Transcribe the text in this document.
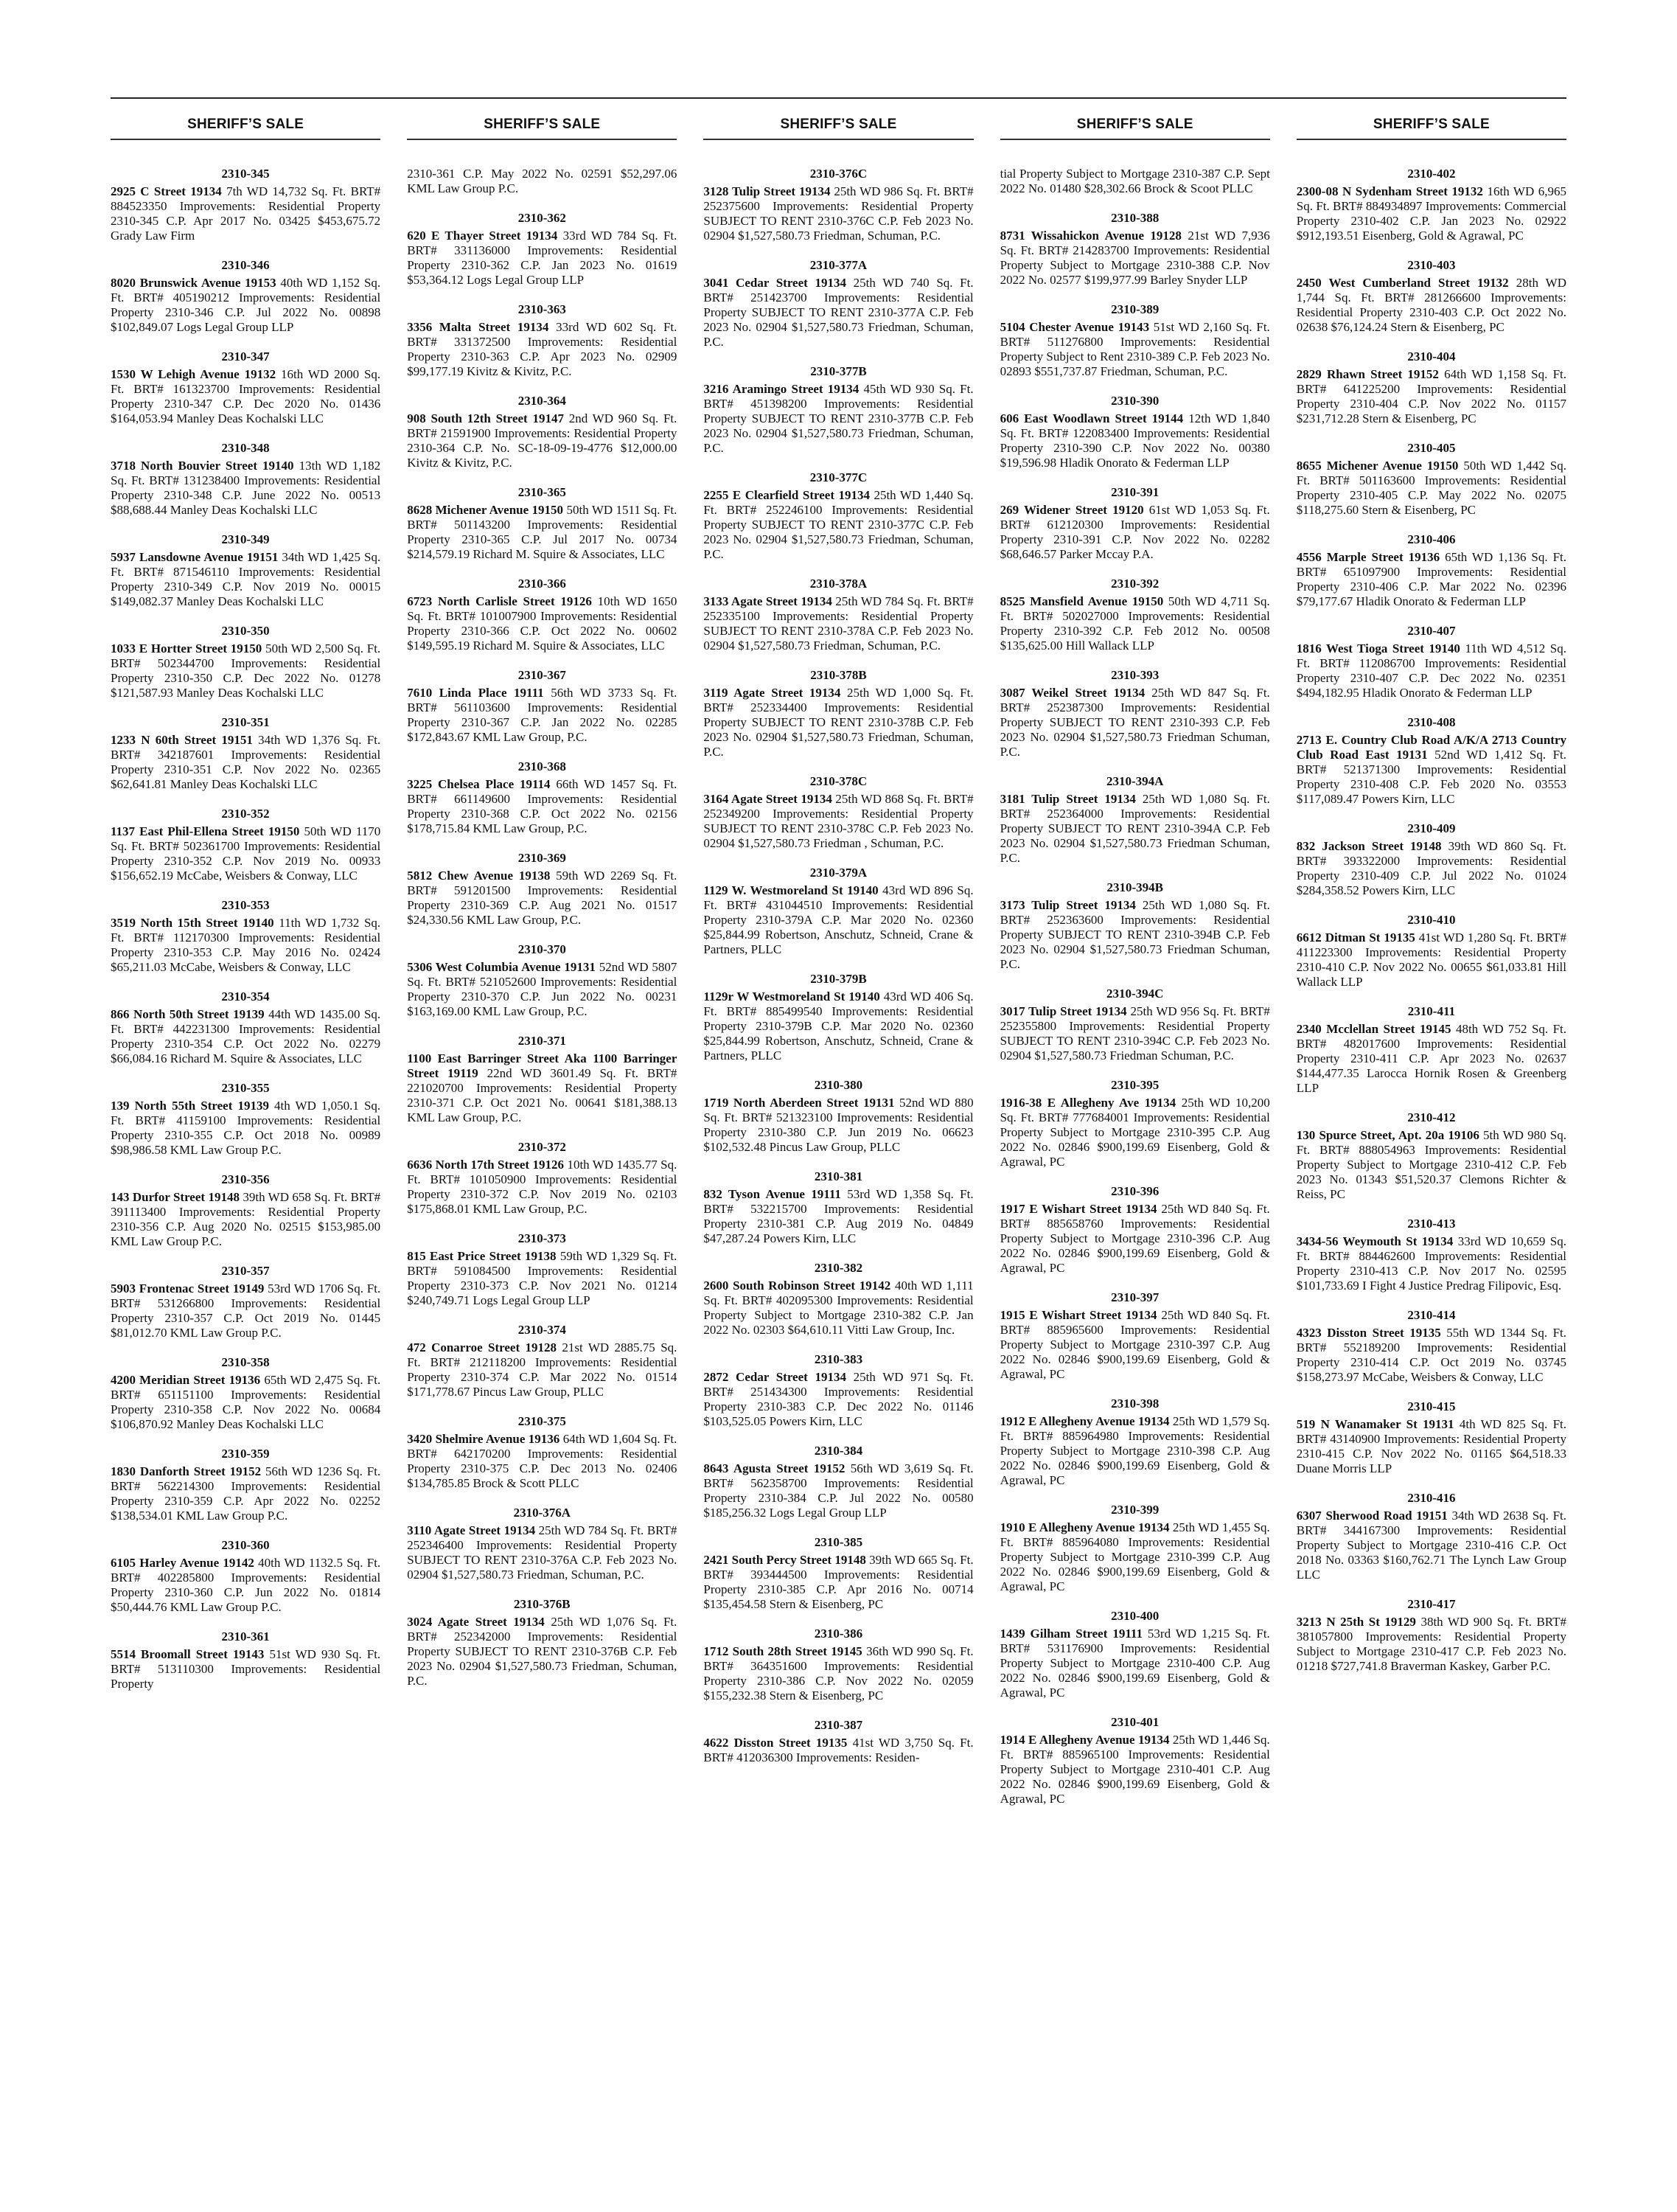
SHERIFF’S SALE
2310-345
2925 C Street 19134 7th WD 14,732 Sq. Ft. BRT# 884523350 Improvements: Residential Property 2310-345 C.P. Apr 2017 No. 03425 $453,675.72 Grady Law Firm
2310-346
8020 Brunswick Avenue 19153 40th WD 1,152 Sq. Ft. BRT# 405190212 Improvements: Residential Property 2310-346 C.P. Jul 2022 No. 00898 $102,849.07 Logs Legal Group LLP
2310-347
1530 W Lehigh Avenue 19132 16th WD 2000 Sq. Ft. BRT# 161323700 Improvements: Residential Property 2310-347 C.P. Dec 2020 No. 01436 $164,053.94 Manley Deas Kochalski LLC
2310-348
3718 North Bouvier Street 19140 13th WD 1,182 Sq. Ft. BRT# 131238400 Improvements: Residential Property 2310-348 C.P. June 2022 No. 00513 $88,688.44 Manley Deas Kochalski LLC
2310-349
5937 Lansdowne Avenue 19151 34th WD 1,425 Sq. Ft. BRT# 871546110 Improvements: Residential Property 2310-349 C.P. Nov 2019 No. 00015 $149,082.37 Manley Deas Kochalski LLC
2310-350
1033 E Hortter Street 19150 50th WD 2,500 Sq. Ft. BRT# 502344700 Improvements: Residential Property 2310-350 C.P. Dec 2022 No. 01278 $121,587.93 Manley Deas Kochalski LLC
2310-351
1233 N 60th Street 19151 34th WD 1,376 Sq. Ft. BRT# 342187601 Improvements: Residential Property 2310-351 C.P. Nov 2022 No. 02365 $62,641.81 Manley Deas Kochalski LLC
2310-352
1137 East Phil-Ellena Street 19150 50th WD 1170 Sq. Ft. BRT# 502361700 Improvements: Residential Property 2310-352 C.P. Nov 2019 No. 00933 $156,652.19 McCabe, Weisbers & Conway, LLC
2310-353
3519 North 15th Street 19140 11th WD 1,732 Sq. Ft. BRT# 112170300 Improvements: Residential Property 2310-353 C.P. May 2016 No. 02424 $65,211.03 McCabe, Weisbers & Conway, LLC
2310-354
866 North 50th Street 19139 44th WD 1435.00 Sq. Ft. BRT# 442231300 Improvements: Residential Property 2310-354 C.P. Oct 2022 No. 02279 $66,084.16 Richard M. Squire & Associates, LLC
2310-355
139 North 55th Street 19139 4th WD 1,050.1 Sq. Ft. BRT# 41159100 Improvements: Residential Property 2310-355 C.P. Oct 2018 No. 00989 $98,986.58 KML Law Group P.C.
2310-356
143 Durfor Street 19148 39th WD 658 Sq. Ft. BRT# 391113400 Improvements: Residential Property 2310-356 C.P. Aug 2020 No. 02515 $153,985.00 KML Law Group P.C.
2310-357
5903 Frontenac Street 19149 53rd WD 1706 Sq. Ft. BRT# 531266800 Improvements: Residential Property 2310-357 C.P. Oct 2019 No. 01445 $81,012.70 KML Law Group P.C.
2310-358
4200 Meridian Street 19136 65th WD 2,475 Sq. Ft. BRT# 651151100 Improvements: Residential Property 2310-358 C.P. Nov 2022 No. 00684 $106,870.92 Manley Deas Kochalski LLC
2310-359
1830 Danforth Street 19152 56th WD 1236 Sq. Ft. BRT# 562214300 Improvements: Residential Property 2310-359 C.P. Apr 2022 No. 02252 $138,534.01 KML Law Group P.C.
2310-360
6105 Harley Avenue 19142 40th WD 1132.5 Sq. Ft. BRT# 402285800 Improvements: Residential Property 2310-360 C.P. Jun 2022 No. 01814 $50,444.76 KML Law Group P.C.
2310-361
5514 Broomall Street 19143 51st WD 930 Sq. Ft. BRT# 513110300 Improvements: Residential Property
SHERIFF’S SALE
2310-361 C.P. May 2022 No. 02591 $52,297.06 KML Law Group P.C.
2310-362
620 E Thayer Street 19134 33rd WD 784 Sq. Ft. BRT# 331136000 Improvements: Residential Property 2310-362 C.P. Jan 2023 No. 01619 $53,364.12 Logs Legal Group LLP
2310-363
3356 Malta Street 19134 33rd WD 602 Sq. Ft. BRT# 331372500 Improvements: Residential Property 2310-363 C.P. Apr 2023 No. 02909 $99,177.19 Kivitz & Kivitz, P.C.
2310-364
908 South 12th Street 19147 2nd WD 960 Sq. Ft. BRT# 21591900 Improvements: Residential Property 2310-364 C.P. No. SC-18-09-19-4776 $12,000.00 Kivitz & Kivitz, P.C.
2310-365
8628 Michener Avenue 19150 50th WD 1511 Sq. Ft. BRT# 501143200 Improvements: Residential Property 2310-365 C.P. Jul 2017 No. 00734 $214,579.19 Richard M. Squire & Associates, LLC
2310-366
6723 North Carlisle Street 19126 10th WD 1650 Sq. Ft. BRT# 101007900 Improvements: Residential Property 2310-366 C.P. Oct 2022 No. 00602 $149,595.19 Richard M. Squire & Associates, LLC
2310-367
7610 Linda Place 19111 56th WD 3733 Sq. Ft. BRT# 561103600 Improvements: Residential Property 2310-367 C.P. Jan 2022 No. 02285 $172,843.67 KML Law Group, P.C.
2310-368
3225 Chelsea Place 19114 66th WD 1457 Sq. Ft. BRT# 661149600 Improvements: Residential Property 2310-368 C.P. Oct 2022 No. 02156 $178,715.84 KML Law Group, P.C.
2310-369
5812 Chew Avenue 19138 59th WD 2269 Sq. Ft. BRT# 591201500 Improvements: Residential Property 2310-369 C.P. Aug 2021 No. 01517 $24,330.56 KML Law Group, P.C.
2310-370
5306 West Columbia Avenue 19131 52nd WD 5807 Sq. Ft. BRT# 521052600 Improvements: Residential Property 2310-370 C.P. Jun 2022 No. 00231 $163,169.00 KML Law Group, P.C.
2310-371
1100 East Barringer Street Aka 1100 Barringer Street 19119 22nd WD 3601.49 Sq. Ft. BRT# 221020700 Improvements: Residential Property 2310-371 C.P. Oct 2021 No. 00641 $181,388.13 KML Law Group, P.C.
2310-372
6636 North 17th Street 19126 10th WD 1435.77 Sq. Ft. BRT# 101050900 Improvements: Residential Property 2310-372 C.P. Nov 2019 No. 02103 $175,868.01 KML Law Group, P.C.
2310-373
815 East Price Street 19138 59th WD 1,329 Sq. Ft. BRT# 591084500 Improvements: Residential Property 2310-373 C.P. Nov 2021 No. 01214 $240,749.71 Logs Legal Group LLP
2310-374
472 Conarroe Street 19128 21st WD 2885.75 Sq. Ft. BRT# 212118200 Improvements: Residential Property 2310-374 C.P. Mar 2022 No. 01514 $171,778.67 Pincus Law Group, PLLC
2310-375
3420 Shelmire Avenue 19136 64th WD 1,604 Sq. Ft. BRT# 642170200 Improvements: Residential Property 2310-375 C.P. Dec 2013 No. 02406 $134,785.85 Brock & Scott PLLC
2310-376A
3110 Agate Street 19134 25th WD 784 Sq. Ft. BRT# 252346400 Improvements: Residential Property SUBJECT TO RENT 2310-376A C.P. Feb 2023 No. 02904 $1,527,580.73 Friedman, Schuman, P.C.
2310-376B
3024 Agate Street 19134 25th WD 1,076 Sq. Ft. BRT# 252342000 Improvements: Residential Property SUBJECT TO RENT 2310-376B C.P. Feb 2023 No. 02904 $1,527,580.73 Friedman, Schuman, P.C.
SHERIFF’S SALE
2310-376C
3128 Tulip Street 19134 25th WD 986 Sq. Ft. BRT# 252375600 Improvements: Residential Property SUBJECT TO RENT 2310-376C C.P. Feb 2023 No. 02904 $1,527,580.73 Friedman, Schuman, P.C.
2310-377A
3041 Cedar Street 19134 25th WD 740 Sq. Ft. BRT# 251423700 Improvements: Residential Property SUBJECT TO RENT 2310-377A C.P. Feb 2023 No. 02904 $1,527,580.73 Friedman, Schuman, P.C.
2310-377B
3216 Aramingo Street 19134 45th WD 930 Sq. Ft. BRT# 451398200 Improvements: Residential Property SUBJECT TO RENT 2310-377B C.P. Feb 2023 No. 02904 $1,527,580.73 Friedman, Schuman, P.C.
2310-377C
2255 E Clearfield Street 19134 25th WD 1,440 Sq. Ft. BRT# 252246100 Improvements: Residential Property SUBJECT TO RENT 2310-377C C.P. Feb 2023 No. 02904 $1,527,580.73 Friedman, Schuman, P.C.
2310-378A
3133 Agate Street 19134 25th WD 784 Sq. Ft. BRT# 252335100 Improvements: Residential Property SUBJECT TO RENT 2310-378A C.P. Feb 2023 No. 02904 $1,527,580.73 Friedman, Schuman, P.C.
2310-378B
3119 Agate Street 19134 25th WD 1,000 Sq. Ft. BRT# 252334400 Improvements: Residential Property SUBJECT TO RENT 2310-378B C.P. Feb 2023 No. 02904 $1,527,580.73 Friedman, Schuman, P.C.
2310-378C
3164 Agate Street 19134 25th WD 868 Sq. Ft. BRT# 252349200 Improvements: Residential Property SUBJECT TO RENT 2310-378C C.P. Feb 2023 No. 02904 $1,527,580.73 Friedman , Schuman, P.C.
2310-379A
1129 W. Westmoreland St 19140 43rd WD 896 Sq. Ft. BRT# 431044510 Improvements: Residential Property 2310-379A C.P. Mar 2020 No. 02360 $25,844.99 Robertson, Anschutz, Schneid, Crane & Partners, PLLC
2310-379B
1129r W Westmoreland St 19140 43rd WD 406 Sq. Ft. BRT# 885499540 Improvements: Residential Property 2310-379B C.P. Mar 2020 No. 02360 $25,844.99 Robertson, Anschutz, Schneid, Crane & Partners, PLLC
2310-380
1719 North Aberdeen Street 19131 52nd WD 880 Sq. Ft. BRT# 521323100 Improvements: Residential Property 2310-380 C.P. Jun 2019 No. 06623 $102,532.48 Pincus Law Group, PLLC
2310-381
832 Tyson Avenue 19111 53rd WD 1,358 Sq. Ft. BRT# 532215700 Improvements: Residential Property 2310-381 C.P. Aug 2019 No. 04849 $47,287.24 Powers Kirn, LLC
2310-382
2600 South Robinson Street 19142 40th WD 1,111 Sq. Ft. BRT# 402095300 Improvements: Residential Property Subject to Mortgage 2310-382 C.P. Jan 2022 No. 02303 $64,610.11 Vitti Law Group, Inc.
2310-383
2872 Cedar Street 19134 25th WD 971 Sq. Ft. BRT# 251434300 Improvements: Residential Property 2310-383 C.P. Dec 2022 No. 01146 $103,525.05 Powers Kirn, LLC
2310-384
8643 Agusta Street 19152 56th WD 3,619 Sq. Ft. BRT# 562358700 Improvements: Residential Property 2310-384 C.P. Jul 2022 No. 00580 $185,256.32 Logs Legal Group LLP
2310-385
2421 South Percy Street 19148 39th WD 665 Sq. Ft. BRT# 393444500 Improvements: Residential Property 2310-385 C.P. Apr 2016 No. 00714 $135,454.58 Stern & Eisenberg, PC
2310-386
1712 South 28th Street 19145 36th WD 990 Sq. Ft. BRT# 364351600 Improvements: Residential Property 2310-386 C.P. Nov 2022 No. 02059 $155,232.38 Stern & Eisenberg, PC
2310-387
4622 Disston Street 19135 41st WD 3,750 Sq. Ft. BRT# 412036300 Improvements: Residen-
SHERIFF’S SALE
tial Property Subject to Mortgage 2310-387 C.P. Sept 2022 No. 01480 $28,302.66 Brock & Scoot PLLC
2310-388
8731 Wissahickon Avenue 19128 21st WD 7,936 Sq. Ft. BRT# 214283700 Improvements: Residential Property Subject to Mortgage 2310-388 C.P. Nov 2022 No. 02577 $199,977.99 Barley Snyder LLP
2310-389
5104 Chester Avenue 19143 51st WD 2,160 Sq. Ft. BRT# 511276800 Improvements: Residential Property Subject to Rent 2310-389 C.P. Feb 2023 No. 02893 $551,737.87 Friedman, Schuman, P.C.
2310-390
606 East Woodlawn Street 19144 12th WD 1,840 Sq. Ft. BRT# 122083400 Improvements: Residential Property 2310-390 C.P. Nov 2022 No. 00380 $19,596.98 Hladik Onorato & Federman LLP
2310-391
269 Widener Street 19120 61st WD 1,053 Sq. Ft. BRT# 612120300 Improvements: Residential Property 2310-391 C.P. Nov 2022 No. 02282 $68,646.57 Parker Mccay P.A.
2310-392
8525 Mansfield Avenue 19150 50th WD 4,711 Sq. Ft. BRT# 502027000 Improvements: Residential Property 2310-392 C.P. Feb 2012 No. 00508 $135,625.00 Hill Wallack LLP
2310-393
3087 Weikel Street 19134 25th WD 847 Sq. Ft. BRT# 252387300 Improvements: Residential Property SUBJECT TO RENT 2310-393 C.P. Feb 2023 No. 02904 $1,527,580.73 Friedman Schuman, P.C.
2310-394A
3181 Tulip Street 19134 25th WD 1,080 Sq. Ft. BRT# 252364000 Improvements: Residential Property SUBJECT TO RENT 2310-394A C.P. Feb 2023 No. 02904 $1,527,580.73 Friedman Schuman, P.C.
2310-394B
3173 Tulip Street 19134 25th WD 1,080 Sq. Ft. BRT# 252363600 Improvements: Residential Property SUBJECT TO RENT 2310-394B C.P. Feb 2023 No. 02904 $1,527,580.73 Friedman Schuman, P.C.
2310-394C
3017 Tulip Street 19134 25th WD 956 Sq. Ft. BRT# 252355800 Improvements: Residential Property SUBJECT TO RENT 2310-394C C.P. Feb 2023 No. 02904 $1,527,580.73 Friedman Schuman, P.C.
2310-395
1916-38 E Allegheny Ave 19134 25th WD 10,200 Sq. Ft. BRT# 777684001 Improvements: Residential Property Subject to Mortgage 2310-395 C.P. Aug 2022 No. 02846 $900,199.69 Eisenberg, Gold & Agrawal, PC
2310-396
1917 E Wishart Street 19134 25th WD 840 Sq. Ft. BRT# 885658760 Improvements: Residential Property Subject to Mortgage 2310-396 C.P. Aug 2022 No. 02846 $900,199.69 Eisenberg, Gold & Agrawal, PC
2310-397
1915 E Wishart Street 19134 25th WD 840 Sq. Ft. BRT# 885965600 Improvements: Residential Property Subject to Mortgage 2310-397 C.P. Aug 2022 No. 02846 $900,199.69 Eisenberg, Gold & Agrawal, PC
2310-398
1912 E Allegheny Avenue 19134 25th WD 1,579 Sq. Ft. BRT# 885964980 Improvements: Residential Property Subject to Mortgage 2310-398 C.P. Aug 2022 No. 02846 $900,199.69 Eisenberg, Gold & Agrawal, PC
2310-399
1910 E Allegheny Avenue 19134 25th WD 1,455 Sq. Ft. BRT# 885964080 Improvements: Residential Property Subject to Mortgage 2310-399 C.P. Aug 2022 No. 02846 $900,199.69 Eisenberg, Gold & Agrawal, PC
2310-400
1439 Gilham Street 19111 53rd WD 1,215 Sq. Ft. BRT# 531176900 Improvements: Residential Property Subject to Mortgage 2310-400 C.P. Aug 2022 No. 02846 $900,199.69 Eisenberg, Gold & Agrawal, PC
2310-401
1914 E Allegheny Avenue 19134 25th WD 1,446 Sq. Ft. BRT# 885965100 Improvements: Residential Property Subject to Mortgage 2310-401 C.P. Aug 2022 No. 02846 $900,199.69 Eisenberg, Gold & Agrawal, PC
SHERIFF’S SALE
2310-402
2300-08 N Sydenham Street 19132 16th WD 6,965 Sq. Ft. BRT# 884934897 Improvements: Commercial Property 2310-402 C.P. Jan 2023 No. 02922 $912,193.51 Eisenberg, Gold & Agrawal, PC
2310-403
2450 West Cumberland Street 19132 28th WD 1,744 Sq. Ft. BRT# 281266600 Improvements: Residential Property 2310-403 C.P. Oct 2022 No. 02638 $76,124.24 Stern & Eisenberg, PC
2310-404
2829 Rhawn Street 19152 64th WD 1,158 Sq. Ft. BRT# 641225200 Improvements: Residential Property 2310-404 C.P. Nov 2022 No. 01157 $231,712.28 Stern & Eisenberg, PC
2310-405
8655 Michener Avenue 19150 50th WD 1,442 Sq. Ft. BRT# 501163600 Improvements: Residential Property 2310-405 C.P. May 2022 No. 02075 $118,275.60 Stern & Eisenberg, PC
2310-406
4556 Marple Street 19136 65th WD 1,136 Sq. Ft. BRT# 651097900 Improvements: Residential Property 2310-406 C.P. Mar 2022 No. 02396 $79,177.67 Hladik Onorato & Federman LLP
2310-407
1816 West Tioga Street 19140 11th WD 4,512 Sq. Ft. BRT# 112086700 Improvements: Residential Property 2310-407 C.P. Dec 2022 No. 02351 $494,182.95 Hladik Onorato & Federman LLP
2310-408
2713 E. Country Club Road A/K/A 2713 Country Club Road East 19131 52nd WD 1,412 Sq. Ft. BRT# 521371300 Improvements: Residential Property 2310-408 C.P. Feb 2020 No. 03553 $117,089.47 Powers Kirn, LLC
2310-409
832 Jackson Street 19148 39th WD 860 Sq. Ft. BRT# 393322000 Improvements: Residential Property 2310-409 C.P. Jul 2022 No. 01024 $284,358.52 Powers Kirn, LLC
2310-410
6612 Ditman St 19135 41st WD 1,280 Sq. Ft. BRT# 411223300 Improvements: Residential Property 2310-410 C.P. Nov 2022 No. 00655 $61,033.81 Hill Wallack LLP
2310-411
2340 Mcclellan Street 19145 48th WD 752 Sq. Ft. BRT# 482017600 Improvements: Residential Property 2310-411 C.P. Apr 2023 No. 02637 $144,477.35 Larocca Hornik Rosen & Greenberg LLP
2310-412
130 Spurce Street, Apt. 20a 19106 5th WD 980 Sq. Ft. BRT# 888054963 Improvements: Residential Property Subject to Mortgage 2310-412 C.P. Feb 2023 No. 01343 $51,520.37 Clemons Richter & Reiss, PC
2310-413
3434-56 Weymouth St 19134 33rd WD 10,659 Sq. Ft. BRT# 884462600 Improvements: Residential Property 2310-413 C.P. Nov 2017 No. 02595 $101,733.69 I Fight 4 Justice Predrag Filipovic, Esq.
2310-414
4323 Disston Street 19135 55th WD 1344 Sq. Ft. BRT# 552189200 Improvements: Residential Property 2310-414 C.P. Oct 2019 No. 03745 $158,273.97 McCabe, Weisbers & Conway, LLC
2310-415
519 N Wanamaker St 19131 4th WD 825 Sq. Ft. BRT# 43140900 Improvements: Residential Property 2310-415 C.P. Nov 2022 No. 01165 $64,518.33 Duane Morris LLP
2310-416
6307 Sherwood Road 19151 34th WD 2638 Sq. Ft. BRT# 344167300 Improvements: Residential Property Subject to Mortgage 2310-416 C.P. Oct 2018 No. 03363 $160,762.71 The Lynch Law Group LLC
2310-417
3213 N 25th St 19129 38th WD 900 Sq. Ft. BRT# 381057800 Improvements: Residential Property Subject to Mortgage 2310-417 C.P. Feb 2023 No. 01218 $727,741.8 Braverman Kaskey, Garber P.C.
